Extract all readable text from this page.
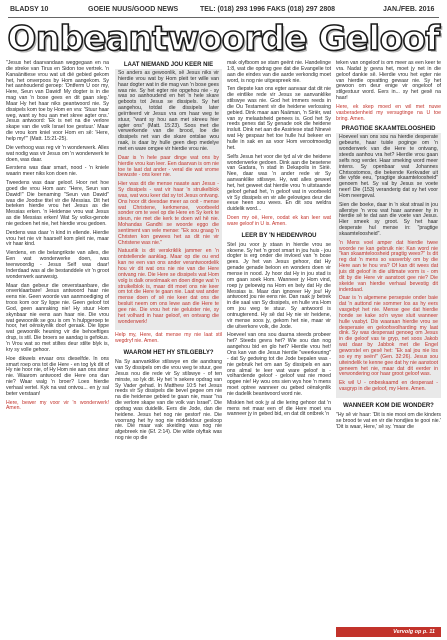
BLADSY 10	GOEIE NUUS/GOOD NEWS	TEL: (018) 293 1996 FAKS (018) 297 2808	JAN./FEB. 2016
Onbeantwoorde Geloof

"Jesus het daarvandaan weggegaan en na die streke van Tirus en Sidon toe vertrek. 'n Kanaänitiese vrou wat uit dié gebied gekom het, het onverpoos by Hom aangekom. Sy het aanhoudend geroep: 'Ontferm U oor my, Here, Seun van Dawid! My dogter is in die mag van 'n bose gees en dit gaan sleg.' Maar Hy het haar niks geantwoord nie. Sy dissipels kom toe by Hom en vra: 'Stuur haar weg, want sy hou aan met skree agter ons.' Jesus antwoord: 'Ek is net na die verlore skape van die volk Israel toe gestuur.' Maar die vrou kom kniel voor Hom en sê: 'Here, help my!'" (Matt. 15:21-25).

Die verhoog was reg vir 'n wonderwerk. Alles wat nodig was vir Jesus om 'n wonderwerk te doen, was daar.

Eerstens was daar smart, nood - 'n kniele waarin meer niks kon doen nie.

Tweedens was daar geloof. Hoor net hoe goed die vrou Hom aan: "Here, Seun van Dawid!" Die benaming "Seun van Dawid" was die Joodse titel vir die Messias. Dit het beteken hierdie vrou het Jesus as die Messias erken. 'n Heidense vrou wat Jesus as die Messias erken! Wat Sy volks-genote nie gedoen het nie, het hierdie vrou gedoen.

Derdens was daar 'n kind in ellende. Hierdie vrou het nie vir haarself kom pleit nie, maar vir haar kind.

Vierdens, en die belangrikste van alles, die Een wat wonderwerke doen, was teenwoordig - Jesus Self was daar! Inderdaad was al die bestanddele vir 'n groot wonderwerk aanwesig.

Maar dan gebeur die onverstaanbare, die onverklaarbare! Jesus antwoord haar nie eens nie. Geen woorde van aanmoediging of troos kom oor Sy lippe nie. Geen geloof tot God, geen aanraking nie! Hy stuur Hom skynbaar nie eens aan haar nie. Die vrou wat gewoonlik se gou is om 'n hulpgeroep te hoor, het oënskynlik doof geraak. Die lippe wat gewoonlik heuning vir die behoeftiges drup, is stil. Die broers se aandag is gefokus. 'n Vrou wat so met stiltes deur stilte blyk is, kry sy volle gehoor.

Hoe dikwels ervaar ons dieselfde. In ons smart roep ons tot die Here - en tog lyk dit of Hy nie hoor nie, of Hy Hom nie aan ons steur nie. Waarom antwoord die Here ons dan nie? Waar walg 'n broer? Loes hierdie verhaal vertel. Kyk na wat ontvou... en jy sal beter verstaan!

Here, bewer my voor vir 'n wonderwerk! Amen.

LAAT NIEMAND JOU KEER NIE

So anders as gewoonlik, sê Jesus niks vir hierdie vrou wat by Hom pleit ter wille van haar dogter wat in die mag van 'n bose gees was nie. Sy het egter nie opgehou nie - sy was so aanhoudend en het 'n hele skare geboots tot Jesus se dissipels. Sy het aangehou, totdat die dissipels later geïrriteerd vir Jesus vra om haar weg te stuur, "want sy hou aan met skreeu hier agter ons" (Matt. 15:23). Soos met die verwerkende van die brood, loe die dissipels net van die skare ontslae wou raak, is daar by hulle geen diep medelye met en ware omgee vir hierdie vrou nie.

Daar is 'n hele paar dinge wat ons by hierdie vrou kan leer. Een daarvan is om nie toe te laat dat ander - veral die wat vrome bewuste - ons keer nie.

Hier was dit die mense naaste aan Jesus - Sy dissipels - wat vir haar 'n struikelblok was, wat wou keer dat sy tot Jesus ontvang. Ons hoor dit deesdae meer as ooit - mense wat Christene, kerkmense, voorbeeld sonder om te veel op die Here en Sy kerk te steun, nie met die kerk te doen wil hê nie. Mohandas Gandhi se woorde eggo die sentiment van vele mense: "Ek sou graag 'n Christen kon gewees het as dit nie vir Christene was nie."

Natuurlik is dit verskriklik jammer en 'n ontstellende aanklag. Maar op die ou end kan ne een van ons ander verantwoordelik hou vir dit wat ons nie nie van die Here ontvang nie. Die Here se dissipels wat Hom volg is dalk onvolmaak en doen dinge wat 'n struikelblok is, maar dit moet ons nie keer om tot die Here te gaan nie. Laat wat ander mense doen of sê nie keer dat ons die besluit neem om ons lewe aan die Here te gee nie. Die vrou het nie geluister nie, sy het volhard in haar geloof, en ontvang die wonderwerk!

Help my, Here, dat mense my nie laat stil wegdryf nie. Amen.

WAAROM HET HY STILGEBLY?

Na Sy aanvanklike stilswye en die aandrang van Sy dissipels om die vrou weg te stuur, gee Jesus nou die rede vir Sy stilswye - of ten minste, so lyk dit. Hy het 'n sekere opdrag van Sy Vader gehad. In Matthew 10:5 het Jesus reeds vir Sy dissipels die bevel gegee om nie na die heidense gebied te gaan nie, maar "na die verlore skape van die volk van Israel". Die opdrag was duidelik. Eers die Jode, dan die heidene. Jesus het nog nie gestorf nie. Die voorrang het hy nog nie middeldour gesloop nie. Dié maar vak skeiding was nog nie afgebreek nie (Ef. 2:14). Die wilde olyftak was nog nie op die

mak olyfboom se stam geënt nie. Handelinge 1:8, wat die opdrag gee dat die Evangelie tot aan die eindes van die aarde verkondig moet word, is nog nie uitgespreek nie.

Ten diepste kan ons egter aanvaar dat dit nie die eintlike rede vir Jesus se aanvanklike stilswye was nie. God het immers reeds in die Ou Testament vir die heidene verlossing gebied. Dink maar aan Naäman, 'n Siriër, wat van sy melaatsheid genees is. God het Sy reeds genes dat Sy genade ook die heidene insluit. Dink net aan die Assiriese stad Ninevé wat Hy gespaar het toe hulle hul bekeer en hulle in sak en as voor Hom verootmoedig het.

Selfs Jesus het voor die tyd al vir die heidene wonderwerke gedoen. Dink aan die besetene van Gadara, 'n stad in Dekapolis in Sirië. Nee, daar was 'n ander rede vir Sy aanvanklike stilswye. Hy, wat alles geweet het, het geweet dat hierdie vrou 'n uitstaande geloof gehad het, 'n geloof wat in voorbeeld vir Sy dissipels en vir alle gelowiges deur die eeue heen sou wees. En dit sou weldra duidelik word...

Doen my oë, Here, oodat ek kan leer wat ware geloof in U is. Amen.

LEER BY 'N HEIDENVROU

Stel jou voor jy staan in hierdie vrou se skoene. Sy het 'n groot smart in jou huis - jou dogter is erg onder die invloed van 'n bose gees. Jy het van Jesus gehoor, dat Hy genade genade beloon en wonders doen vir mense in nood. Jy hoor dat Hy in jou stad is om gaan soek Hom. Wanneer jy Hom vind, roep jy geloewig na Hom en bely dat Hy die Messias is. Maar dan ignoreer Hy jou! Hy antwoord jou nie eens nie. Dan raak jy betrek in die saal van Sy dissipels, en hulle vra Hom om jou weg te stuur. Sy antwoord is ontnugterend. Hy sê dat Hy nie vir heidene, vir mense soos jy, gekom het nie, maar vir die uitverkore volk, die Jode.

Hoeveel van ons sou daarna steeds probeer het? Steeds gevra het? Wie sou dan nog aangehou bid en glo het? Hierdie vrou het! Ons kan van die Jesus hierdie "weerkeuring" - dat Sy gedwing tot die Jode bepalen was - nie gebruik het om aan Sy dissipels en aan ons almal te leer wat ware geloof is - volhardende geloof - geloof wat nie moed opgee nie! Hy wou ons sien wys hoe 'n mens moet optree wanneer ou gebed oënskynlik nie dadelik beantwoord word nie.

Miskien het ook jy al die lering gehoor dat 'n mens net maar een of die Here moet vra wanneer jy in gebed bid, en dat dit ontbrek 'n

teken van ongeloof is om meer as een keer te vra. Nadat jy gevra het, moet jy net in die geloof dankie sê. Hierdie vrou het egter nie van hierdie opvatting gewaar nie. Sy het gewoon om deur enige vir ongeloof of stilgestuur word. Eers in... sy het gesê na haar!

Here, ek skep moed en wil met nuwe vasberadenheid my versugtinge na U toe bring. Amen.

PRAGTIGE SKAAMTELOOSHEID

Hoeveel van ons sou na hierdie desperate gebeurte, haar tuisle poginge om 'n wonderwerk van die Here te ontvang, steeds aanhou vra het? Hierdie vrou gaan selfs nog verder. Haar smeking word meer intens. Sy openbaar wat Johannes Chrisostomos, die bekende Kerkvader uit die vyfde eeu, "pragtige skaamteloosheid" genoem het. Sy val by Jesus se voete neer! Die (153) veranderig dat sy het voor Hom neergeval.

Sien die boeke, daar in 'n skat straal in jou allerstye 'n vrou wat haar aanneer hy in hierdie sê te dat aan die voete van Jesus. Hier smeek sy groot. Sy het haar desperate hul mense in: "pragtige skaamteloosheid".

'n Mens voel amper dat hierdie twee woorde ne kan gebruik nie: Kan word nie "kan skaamteloosheid pragtig wees?" Is dit reg dat 'n mens so vasverbly om by die Here aan te hou vra? Of kan dit wees dat juis dit geloof in die ultimate vorm is - om dit by die Here vir aanstoot gee nie? Die skeide van hierdie verhaal bevestig dit inderdaad.

Daar is 'n algemene persepsie onder baie dat 'n auttond nie sommer los as hy eers vasgebyt het nie. Mense gee dat hierdie honde se kake so'n wyse sluit wanneer hulle vasbyt. Dis waaraan hierdie vrou se desperasie en geloofsvolharding my laat dink. Sy was desperaat genoeg om Jesus in die geloof vas te gryp, net soos Jakob wat daar by Jabbok met die Engel geworstel en gesê het: "Ek sal jou nie los so ey my seën!" (Gen. 32:26). Jesus sou uiteindelik te kenne gee dat hy nie aanstoot geneem het nie, maar dat dit eerder in verwondering oor haar groot geloof was.

Ek wil U - onbeskaamd en desperaat - vasgryp in die geloof, my Here. Amen.

WANNEER KOM DIE WONDER?

"Hy sê vir haar: 'Dit is nie mooi om die kinders se brood te vat en vir die hondjies te gooi nie.' 'Dit is waar, Here,' sê sy. 'maar die

Vervolg op p. 11
